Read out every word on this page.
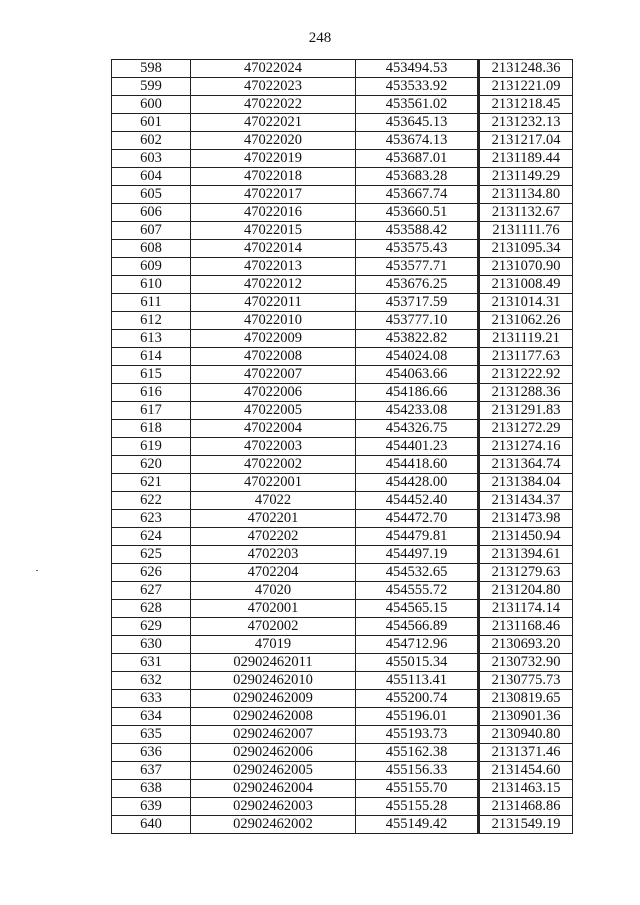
248
598	47022024	453494.53	2131248.36
599	47022023	453533.92	2131221.09
600	47022022	453561.02	2131218.45
601	47022021	453645.13	2131232.13
602	47022020	453674.13	2131217.04
603	47022019	453687.01	2131189.44
604	47022018	453683.28	2131149.29
605	47022017	453667.74	2131134.80
606	47022016	453660.51	2131132.67
607	47022015	453588.42	2131111.76
608	47022014	453575.43	2131095.34
609	47022013	453577.71	2131070.90
610	47022012	453676.25	2131008.49
611	47022011	453717.59	2131014.31
612	47022010	453777.10	2131062.26
613	47022009	453822.82	2131119.21
614	47022008	454024.08	2131177.63
615	47022007	454063.66	2131222.92
616	47022006	454186.66	2131288.36
617	47022005	454233.08	2131291.83
618	47022004	454326.75	2131272.29
619	47022003	454401.23	2131274.16
620	47022002	454418.60	2131364.74
621	47022001	454428.00	2131384.04
622	47022	454452.40	2131434.37
623	4702201	454472.70	2131473.98
624	4702202	454479.81	2131450.94
625	4702203	454497.19	2131394.61
626	4702204	454532.65	2131279.63
627	47020	454555.72	2131204.80
628	4702001	454565.15	2131174.14
629	4702002	454566.89	2131168.46
630	47019	454712.96	2130693.20
631	02902462011	455015.34	2130732.90
632	02902462010	455113.41	2130775.73
633	02902462009	455200.74	2130819.65
634	02902462008	455196.01	2130901.36
635	02902462007	455193.73	2130940.80
636	02902462006	455162.38	2131371.46
637	02902462005	455156.33	2131454.60
638	02902462004	455155.70	2131463.15
639	02902462003	455155.28	2131468.86
640	02902462002	455149.42	2131549.19
